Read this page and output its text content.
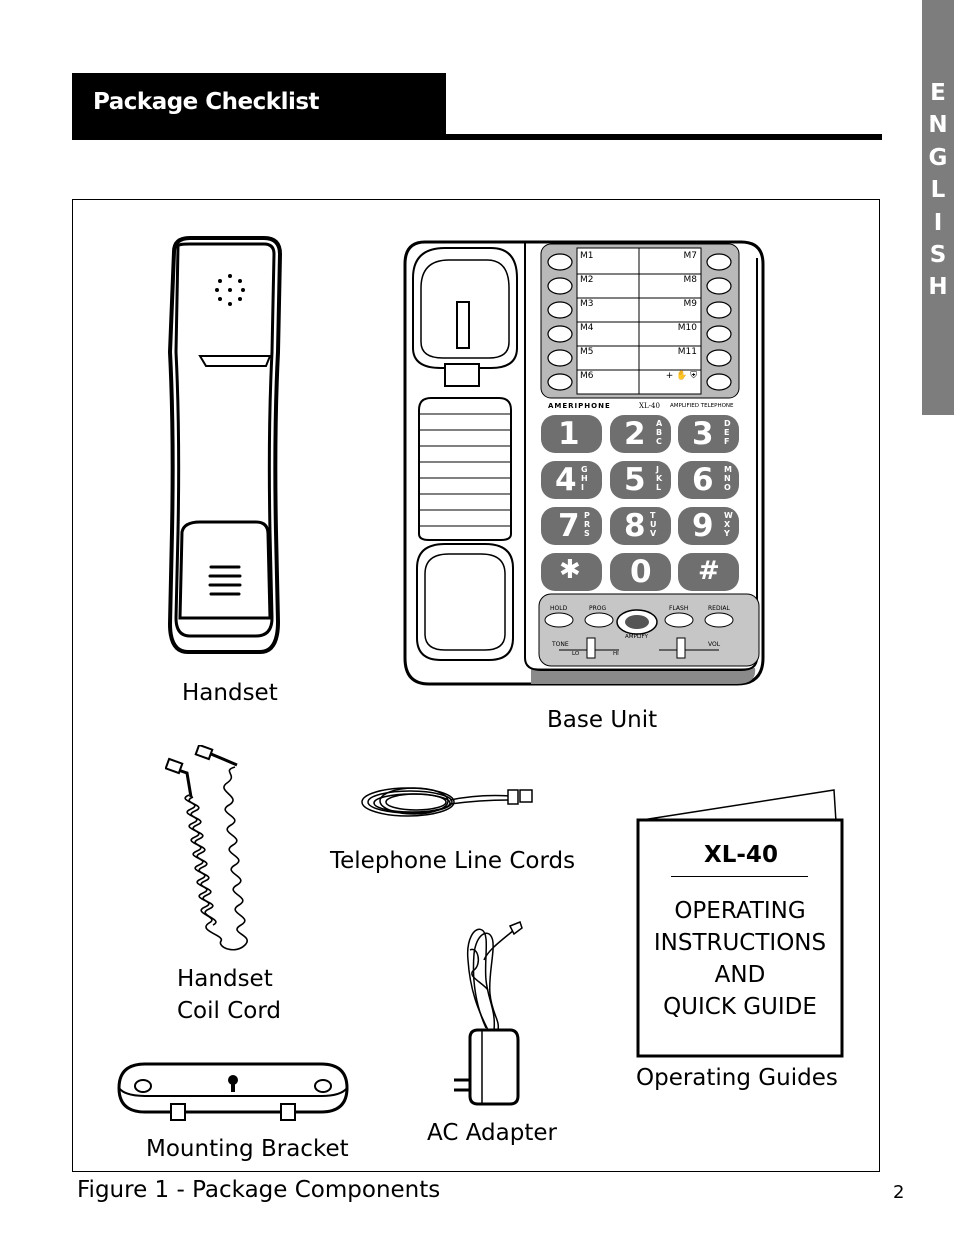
Package Checklist	E
N
G
L
I
S
H
Handset
M1
M2
M3
M4
M5
M6
M7
M8
M9
M10
M11
+ ✋ ⛨
AMERIPHONE	XL-40 AMPLIFIED TELEPHONE
HOLD	PROG	FLASH	REDIAL
AMPLIFY
TONE
LO	HI
VOL
1 2 ABC 3 DEF
4 GHI 5 JKL 6 MNO
7 PRS 8 TUV 9 WXY
✱ 0 #
Base Unit
Handset
Coil Cord
Telephone Line Cords
AC Adapter
Mounting Bracket
XL-40
OPERATING
INSTRUCTIONS
AND
QUICK GUIDE
Operating Guides
Figure 1 - Package Components	2
